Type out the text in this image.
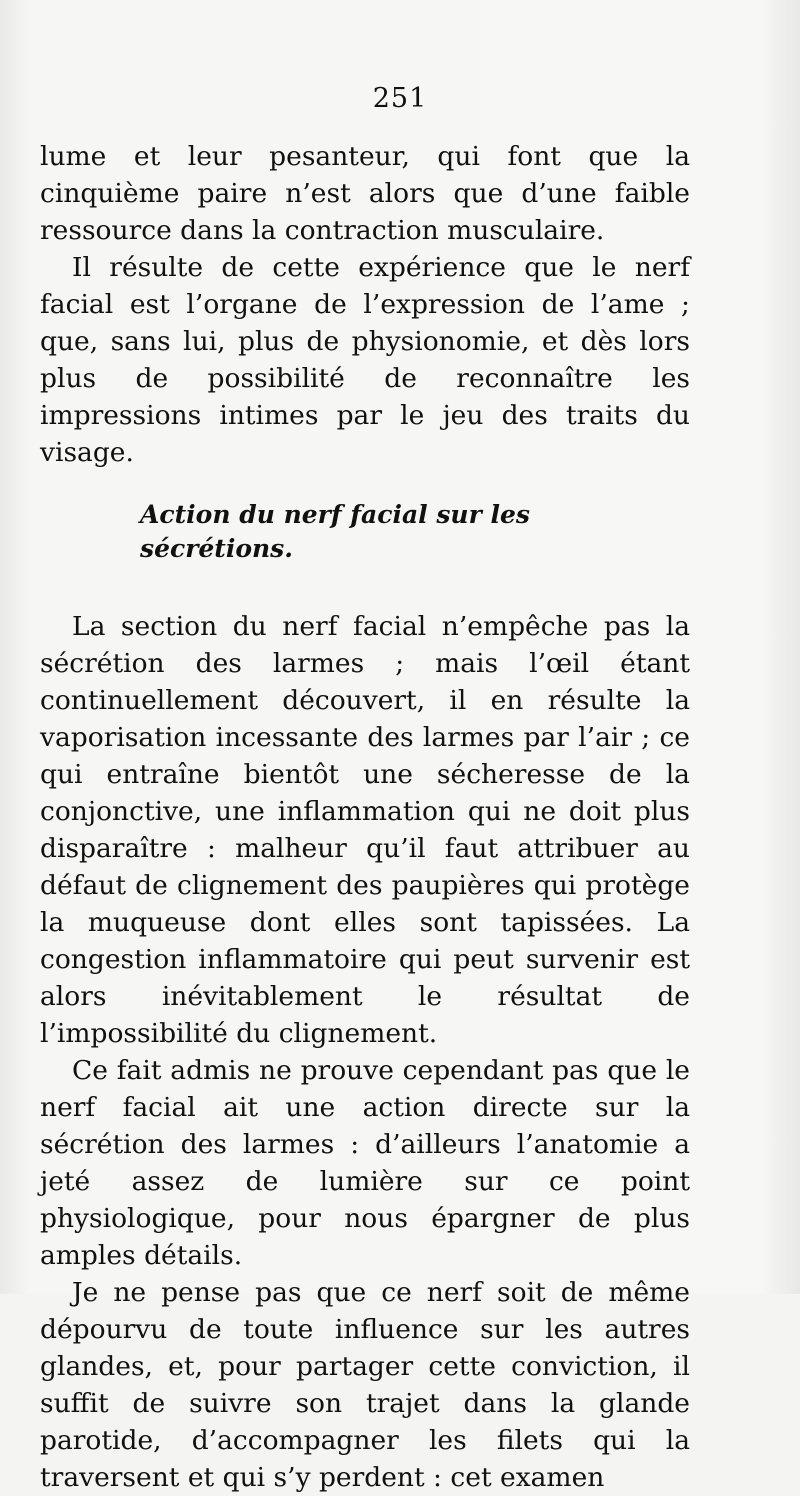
251

lume et leur pesanteur, qui font que la cinquième paire n’est alors que d’une faible ressource dans la contraction musculaire.

Il résulte de cette expérience que le nerf facial est l’organe de l’expression de l’ame ; que, sans lui, plus de physionomie, et dès lors plus de possibilité de reconnaître les impressions intimes par le jeu des traits du visage.

Action du nerf facial sur les sécrétions.

La section du nerf facial n’empêche pas la sécrétion des larmes ; mais l’œil étant continuellement découvert, il en résulte la vaporisation incessante des larmes par l’air ; ce qui entraîne bientôt une sécheresse de la conjonctive, une inflammation qui ne doit plus disparaître : malheur qu’il faut attribuer au défaut de clignement des paupières qui protège la muqueuse dont elles sont tapissées. La congestion inflammatoire qui peut survenir est alors inévitablement le résultat de l’impossibilité du clignement.

Ce fait admis ne prouve cependant pas que le nerf facial ait une action directe sur la sécrétion des larmes : d’ailleurs l’anatomie a jeté assez de lumière sur ce point physiologique, pour nous épargner de plus amples détails.

Je ne pense pas que ce nerf soit de même dépourvu de toute influence sur les autres glandes, et, pour partager cette conviction, il suffit de suivre son trajet dans la glande parotide, d’accompagner les filets qui la traversent et qui s’y perdent : cet examen
